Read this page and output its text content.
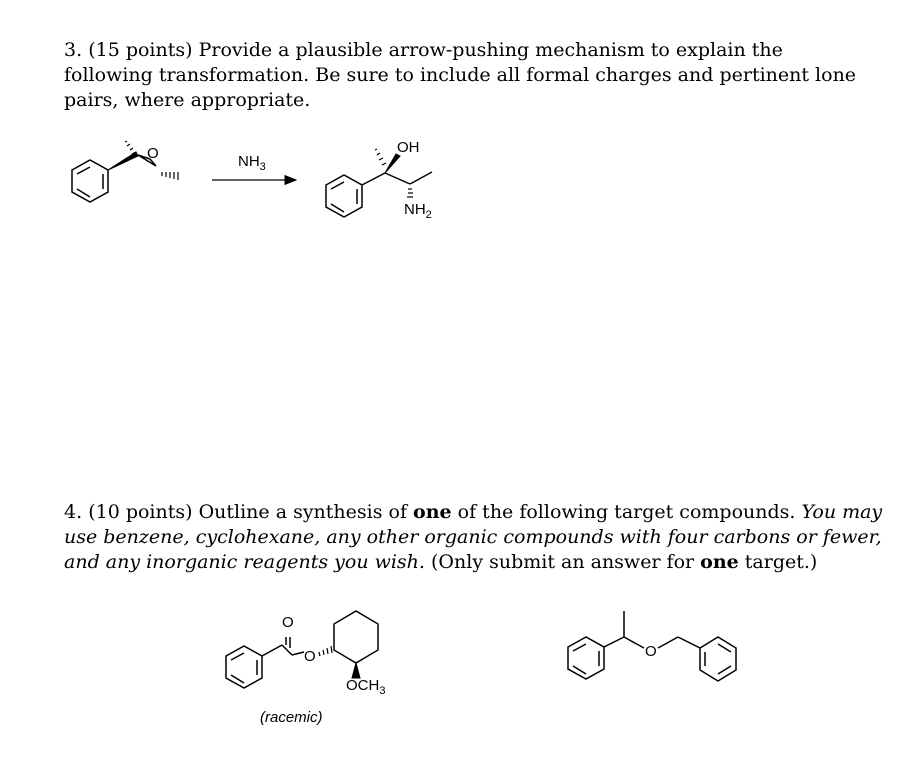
3. (15 points) Provide a plausible arrow-pushing mechanism to explain the following transformation. Be sure to include all formal charges and pertinent lone pairs, where appropriate.

4. (10 points) Outline a synthesis of one of the following target compounds. You may use benzene, cyclohexane, any other organic compounds with four carbons or fewer, and any inorganic reagents you wish. (Only submit an answer for one target.)

O	$NH_3$
OH
$NH_2$
O
O
$OCH_3$
(racemic)
O
